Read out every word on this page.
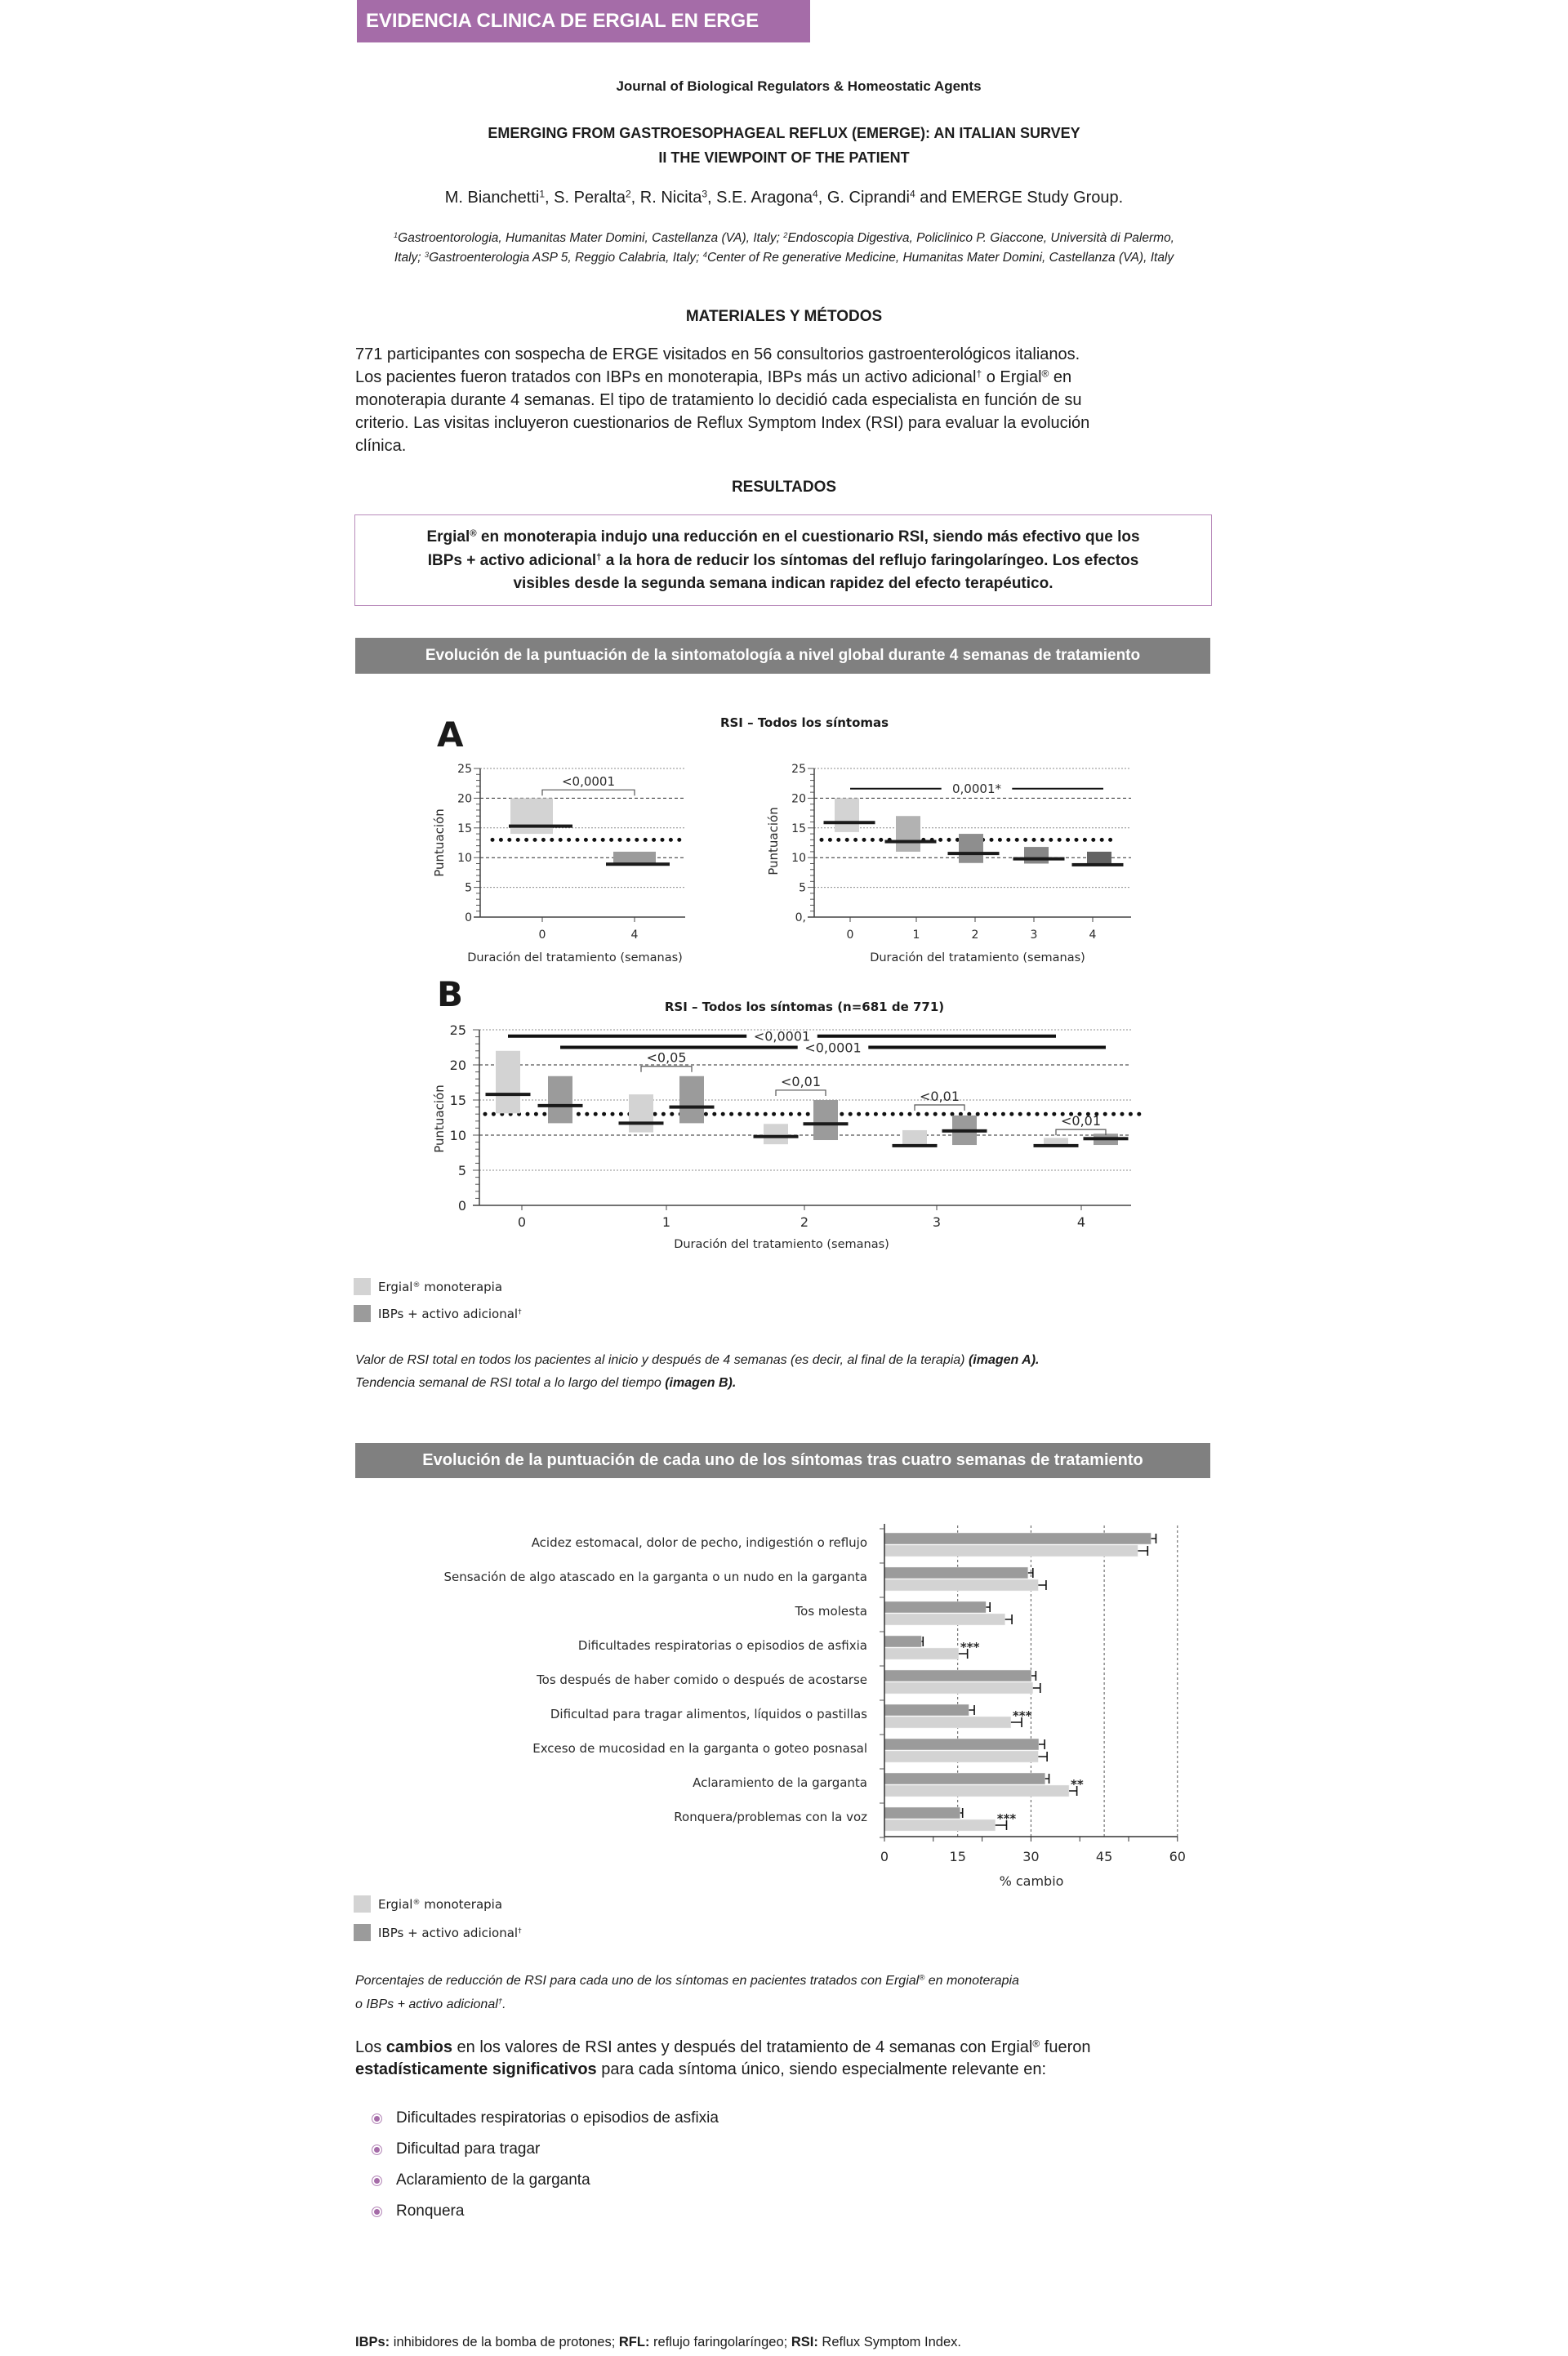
EVIDENCIA CLINICA DE ERGIAL EN ERGE
Journal of Biological Regulators & Homeostatic Agents
EMERGING FROM GASTROESOPHAGEAL REFLUX (EMERGE): AN ITALIAN SURVEY
II THE VIEWPOINT OF THE PATIENT
M. Bianchetti$^1$, S. Peralta$^2$, R. Nicita$^3$, S.E. Aragona$^4$, G. Ciprandi$^4$ and EMERGE Study Group.
$^1$Gastroentorologia, Humanitas Mater Domini, Castellanza (VA), Italy; $^2$Endoscopia Digestiva, Policlinico P. Giaccone, Università di Palermo,
Italy; $^3$Gastroenterologia ASP 5, Reggio Calabria, Italy; $^4$Center of Re generative Medicine, Humanitas Mater Domini, Castellanza (VA), Italy
MATERIALES Y MÉTODOS
771 participantes con sospecha de ERGE visitados en 56 consultorios gastroenterológicos italianos.
Los pacientes fueron tratados con IBPs en monoterapia, IBPs más un activo adicional† o Ergial® en
monoterapia durante 4 semanas. El tipo de tratamiento lo decidió cada especialista en función de su
criterio. Las visitas incluyeron cuestionarios de Reflux Symptom Index (RSI) para evaluar la evolución
clínica.
RESULTADOS
Ergial® en monoterapia indujo una reducción en el cuestionario RSI, siendo más efectivo que los
IBPs + activo adicional† a la hora de reducir los síntomas del reflujo faringolaríngeo. Los efectos
visibles desde la segunda semana indican rapidez del efecto terapéutico.
Evolución de la puntuación de la sintomatología a nivel global durante 4 semanas de tratamiento
A	RSI – Todos los síntomas
0
5
10
15
20
25
0	4
<0,0001
Duración del tratamiento (semanas)
Puntuación
0,
5
10
15
20
25
0	1	2	3	4
0,0001*
Duración del tratamiento (semanas)
Puntuación
B	RSI – Todos los síntomas (n=681 de 771)
0
5
10
15
20
25
0	1	2	3	4
<0,0001
<0,0001
<0,05
<0,01
<0,01
<0,01
Duración del tratamiento (semanas)
Puntuación
Ergial® monoterapia
IBPs + activo adicional†
Valor de RSI total en todos los pacientes al inicio y después de 4 semanas (es decir, al final de la terapia) (imagen A).
Tendencia semanal de RSI total a lo largo del tiempo (imagen B).
Evolución de la puntuación de cada uno de los síntomas tras cuatro semanas de tratamiento
0	15	30	45	60
% cambio
Acidez estomacal, dolor de pecho, indigestión o reflujo
Sensación de algo atascado en la garganta o un nudo en la garganta
Tos molesta
Dificultades respiratorias o episodios de asfixia
Tos después de haber comido o después de acostarse
Dificultad para tragar alimentos, líquidos o pastillas
Exceso de mucosidad en la garganta o goteo posnasal
Aclaramiento de la garganta
Ronquera/problemas con la voz
***
***
**
***
Ergial® monoterapia
IBPs + activo adicional†
Porcentajes de reducción de RSI para cada uno de los síntomas en pacientes tratados con Ergial® en monoterapia
o IBPs + activo adicional†.
Los cambios en los valores de RSI antes y después del tratamiento de 4 semanas con Ergial® fueron
estadísticamente significativos para cada síntoma único, siendo especialmente relevante en:
Dificultades respiratorias o episodios de asfixia
Dificultad para tragar
Aclaramiento de la garganta
Ronquera
IBPs: inhibidores de la bomba de protones; RFL: reflujo faringolaríngeo; RSI: Reflux Symptom Index.
